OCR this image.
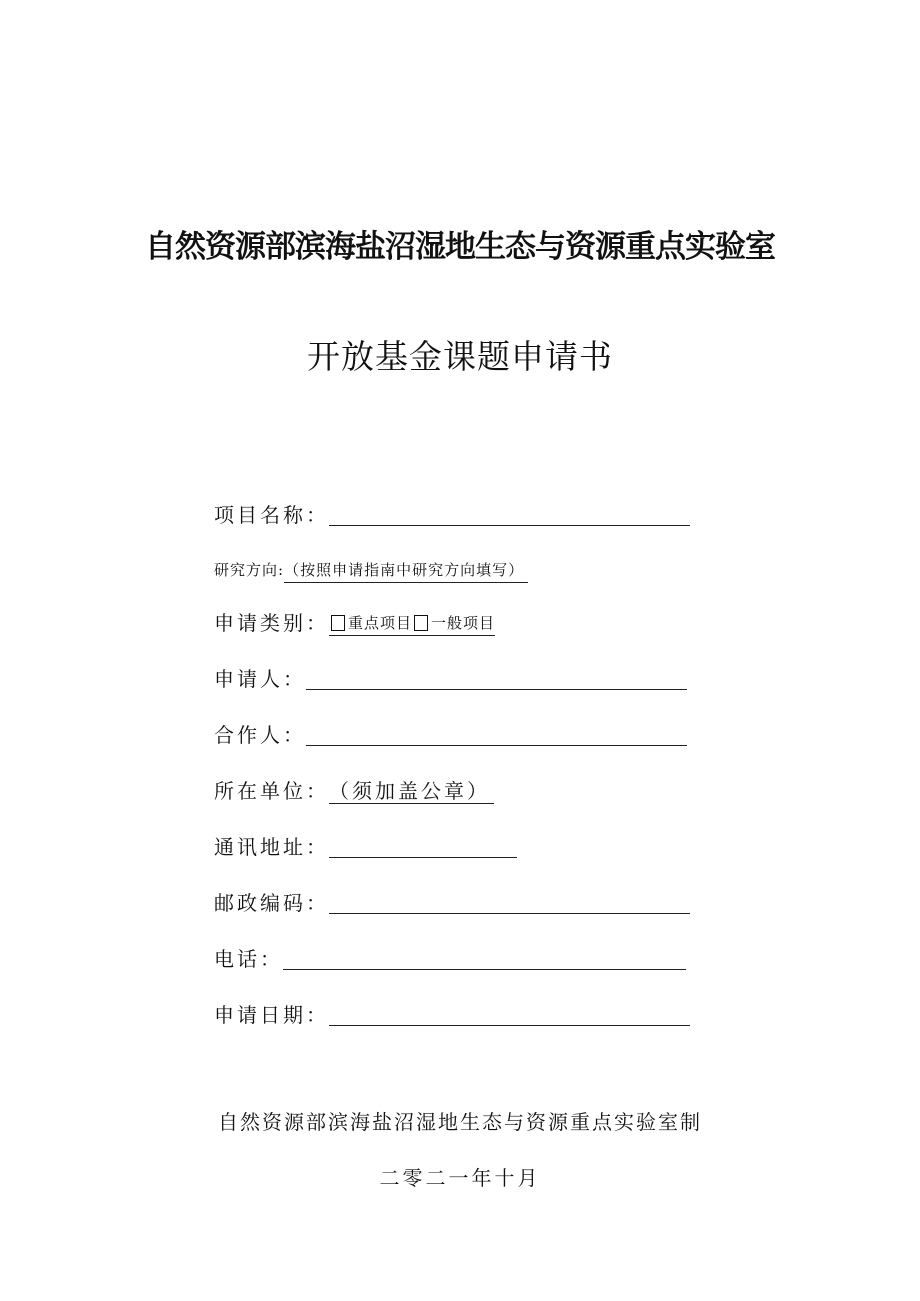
自然资源部滨海盐沼湿地生态与资源重点实验室
开放基金课题申请书
项目名称：
研究方向: （按照申请指南中研究方向填写）
申请类别： 重点项目 一般项目
申请人：
合作人：
所在单位： （须加盖公章）
通讯地址：
邮政编码：
电话：
申请日期：
自然资源部滨海盐沼湿地生态与资源重点实验室制
二零二一年十月
